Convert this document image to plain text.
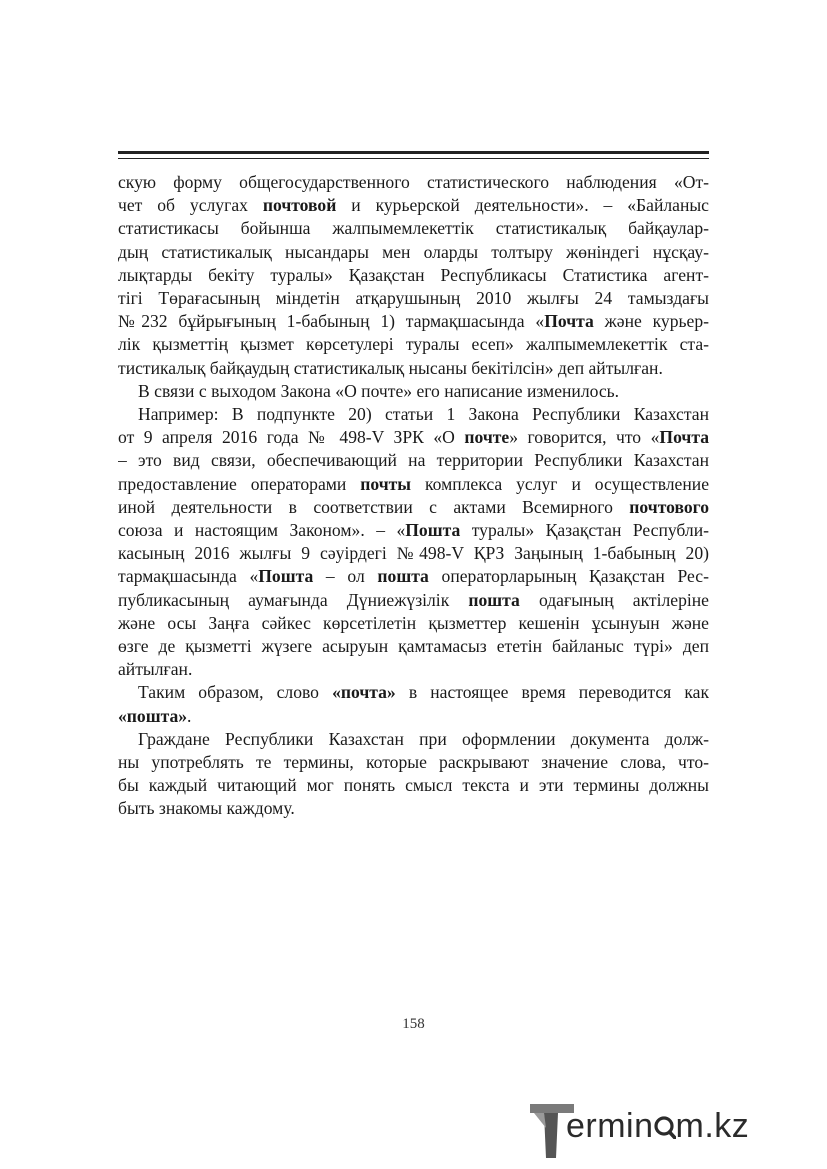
скую форму общегосударственного статистического наблюдения «От-
чет об услугах почтовой и курьерской деятельности». – «Байланыс
статистикасы бойынша жалпымемлекеттік статистикалық байқаулар-
дың статистикалық нысандары мен оларды толтыру жөніндегі нұсқау-
лықтарды бекіту туралы» Қазақстан Республикасы Статистика агент-
тігі Төрағасының міндетін атқарушының 2010 жылғы 24 тамыздағы
№232 бұйрығының 1-бабының 1) тармақшасында «Почта және курьер-
лік қызметтің қызмет көрсетулері туралы есеп» жалпымемлекеттік ста-
тистикалық байқаудың статистикалық нысаны бекітілсін» деп айтылған.
В связи с выходом Закона «О почте» его написание изменилось.
Например: В подпункте 20) статьи 1 Закона Республики Казахстан
от 9 апреля 2016 года № 498-V ЗРК «О почте» говорится, что «Почта
– это вид связи, обеспечивающий на территории Республики Казахстан
предоставление операторами почты комплекса услуг и осуществление
иной деятельности в соответствии с актами Всемирного почтового
союза и настоящим Законом». – «Пошта туралы» Қазақстан Республи-
касының 2016 жылғы 9 сәуірдегі №498-V ҚРЗ Заңының 1-бабының 20)
тармақшасында «Пошта – ол пошта операторларының Қазақстан Рес-
публикасының аумағында Дүниежүзілік пошта одағының актілеріне
және осы Заңға сәйкес көрсетілетін қызметтер кешенін ұсынуын және
өзге де қызметті жүзеге асыруын қамтамасыз ететін байланыс түрі» деп
айтылған.
Таким образом, слово «почта» в настоящее время переводится как
«пошта».
Граждане Республики Казахстан при оформлении документа долж-
ны употреблять те термины, которые раскрывают значение слова, что-
бы каждый читающий мог понять смысл текста и эти термины должны
быть знакомы каждому.
158
ermin m.kz
